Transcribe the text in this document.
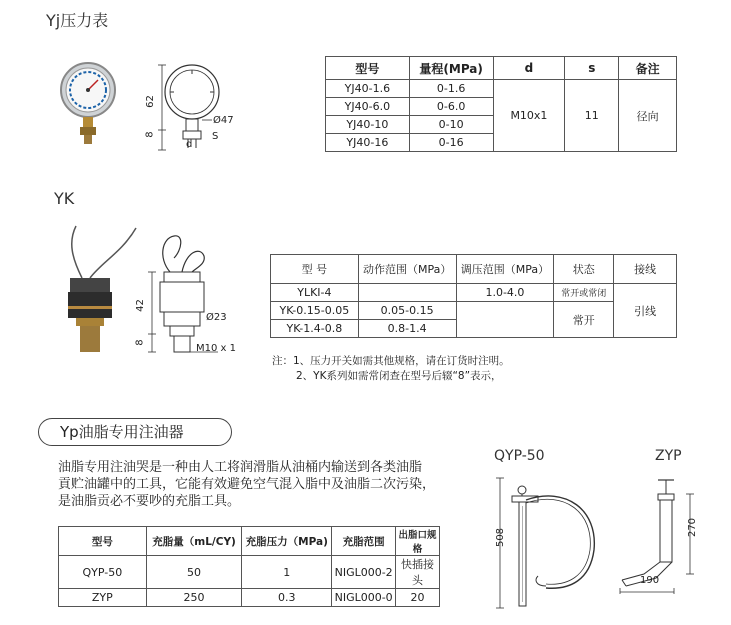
Yj压力表
62
8
Ø47
S
d
型号	量程(MPa)	d	s	备注
YJ40-1.6	0-1.6	M10x1	11	径向
YJ40-6.0	0-6.0			
YJ40-10	0-10			
YJ40-16	0-16			
YK
42
8
Ø23
M10 x 1
型 号	动作范围（MPa）	调压范围（MPa）	状态	接线
YLKI-4		1.0-4.0	常开或常闭	引线
YK-0.15-0.05	0.05-0.15		常开	
YK-1.4-0.8	0.8-1.4			
注：1、压力开关如需其他规格，请在订货时注明。
2、YK系列如需常闭查在型号后辍“8”表示，
Yp油脂专用注油器
油脂专用注油哭是一种由人工将润滑脂从油桶内输送到各类油脂
貢贮油罐中的工具，它能有效避免空气混入脂中及油脂二次污染，
是油脂贡必不要吵的充脂工具。
型号	充脂量（mL/CY)	充脂压力（MPa)	充脂范围	出脂口规格
QYP-50	50	1	NIGL000-2	快插接头
ZYP	250	0.3	NIGL000-0	20
QYP-50
508
ZYP
270
190
